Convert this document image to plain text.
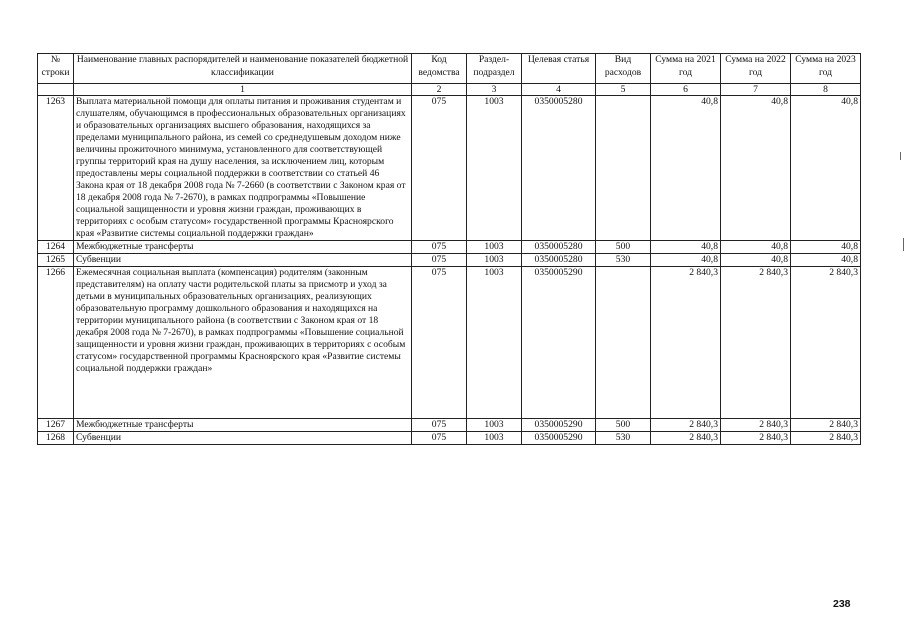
№ строки	Наименование главных распорядителей и наименование показателей бюджетной классификации	Код ведомства	Раздел- подраздел	Целевая статья	Вид расходов	Сумма на 2021 год	Сумма на 2022 год	Сумма на 2023 год
	1	2	3	4	5	6	7	8
1263	Выплата материальной помощи для оплаты питания и проживания студентам и слушателям, обучающимся в профессиональных образовательных организациях и образовательных организациях высшего образования, находящихся за пределами муниципального района, из семей со среднедушевым доходом ниже величины прожиточного минимума, установленного для соответствующей группы территорий края на душу населения, за исключением лиц, которым предоставлены меры социальной поддержки в соответствии со статьей 46 Закона края от 18 декабря 2008 года № 7-2660 (в соответствии с Законом края от 18 декабря 2008 года № 7-2670), в рамках подпрограммы «Повышение социальной защищенности и уровня жизни граждан, проживающих в территориях с особым статусом» государственной программы Красноярского края «Развитие системы социальной поддержки граждан»	075	1003	0350005280		40,8	40,8	40,8
1264	Межбюджетные трансферты	075	1003	0350005280	500	40,8	40,8	40,8
1265	Субвенции	075	1003	0350005280	530	40,8	40,8	40,8
1266	Ежемесячная социальная выплата (компенсация) родителям (законным представителям) на оплату части родительской платы за присмотр и уход за детьми в муниципальных образовательных организациях, реализующих образовательную программу дошкольного образования и находящихся на территории муниципального района (в соответствии с Законом края от 18 декабря 2008 года № 7-2670), в рамках подпрограммы «Повышение социальной защищенности и уровня жизни граждан, проживающих в территориях с особым статусом» государственной программы Красноярского края «Развитие системы социальной поддержки граждан»	075	1003	0350005290		2 840,3	2 840,3	2 840,3
1267	Межбюджетные трансферты	075	1003	0350005290	500	2 840,3	2 840,3	2 840,3
1268	Субвенции	075	1003	0350005290	530	2 840,3	2 840,3	2 840,3
238
